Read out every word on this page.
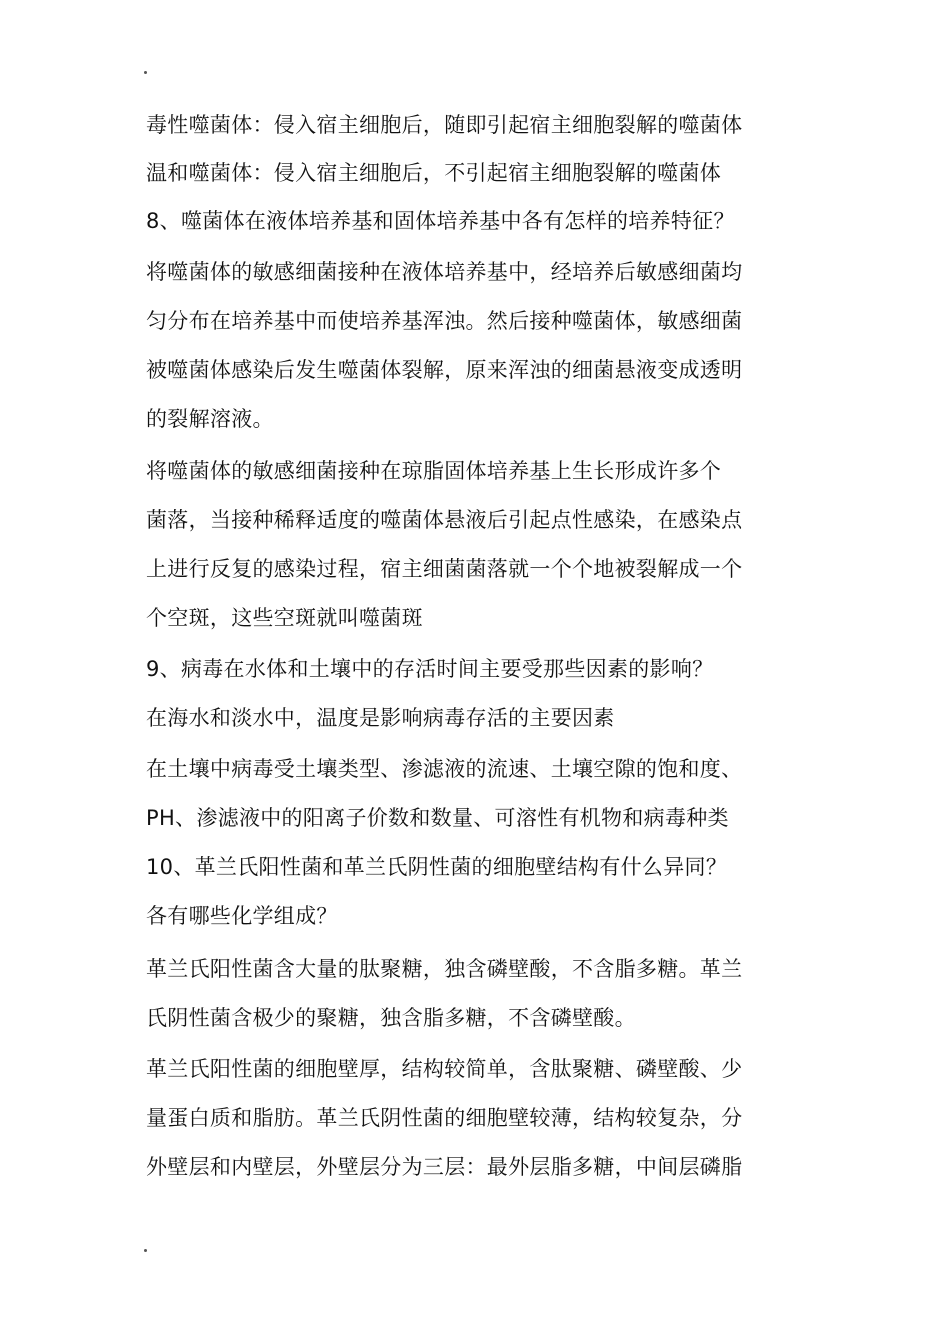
毒性噬菌体：侵入宿主细胞后，随即引起宿主细胞裂解的噬菌体
温和噬菌体：侵入宿主细胞后，不引起宿主细胞裂解的噬菌体
8、噬菌体在液体培养基和固体培养基中各有怎样的培养特征？
将噬菌体的敏感细菌接种在液体培养基中，经培养后敏感细菌均
匀分布在培养基中而使培养基浑浊。然后接种噬菌体，敏感细菌
被噬菌体感染后发生噬菌体裂解，原来浑浊的细菌悬液变成透明
的裂解溶液。
将噬菌体的敏感细菌接种在琼脂固体培养基上生长形成许多个
菌落，当接种稀释适度的噬菌体悬液后引起点性感染，在感染点
上进行反复的感染过程，宿主细菌菌落就一个个地被裂解成一个
个空斑，这些空斑就叫噬菌斑
9、病毒在水体和土壤中的存活时间主要受那些因素的影响？
在海水和淡水中，温度是影响病毒存活的主要因素
在土壤中病毒受土壤类型、渗滤液的流速、土壤空隙的饱和度、
PH、渗滤液中的阳离子价数和数量、可溶性有机物和病毒种类
10、革兰氏阳性菌和革兰氏阴性菌的细胞壁结构有什么异同？
各有哪些化学组成？
革兰氏阳性菌含大量的肽聚糖，独含磷壁酸，不含脂多糖。革兰
氏阴性菌含极少的聚糖，独含脂多糖，不含磷壁酸。
革兰氏阳性菌的细胞壁厚，结构较简单，含肽聚糖、磷壁酸、少
量蛋白质和脂肪。革兰氏阴性菌的细胞壁较薄，结构较复杂，分
外壁层和内壁层，外壁层分为三层：最外层脂多糖，中间层磷脂
